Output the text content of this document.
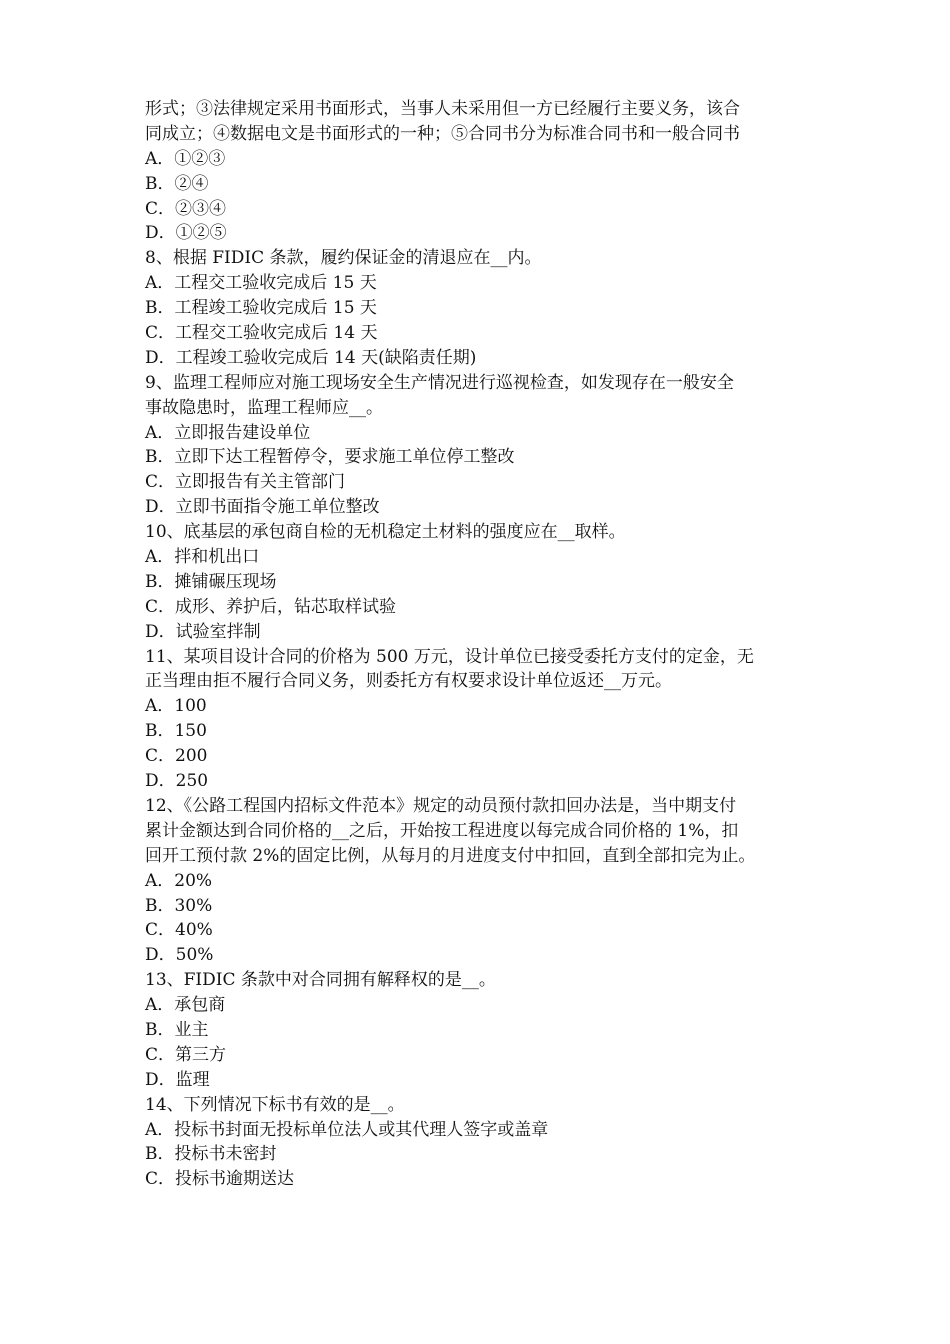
形式；③法律规定采用书面形式，当事人未采用但一方已经履行主要义务，该合
同成立；④数据电文是书面形式的一种；⑤合同书分为标准合同书和一般合同书
A．①②③
B．②④
C．②③④
D．①②⑤
8、根据 FIDIC 条款，履约保证金的清退应在__内。
A．工程交工验收完成后 15 天
B．工程竣工验收完成后 15 天
C．工程交工验收完成后 14 天
D．工程竣工验收完成后 14 天(缺陷责任期)
9、监理工程师应对施工现场安全生产情况进行巡视检查，如发现存在一般安全
事故隐患时，监理工程师应__。
A．立即报告建设单位
B．立即下达工程暂停令，要求施工单位停工整改
C．立即报告有关主管部门
D．立即书面指令施工单位整改
10、底基层的承包商自检的无机稳定土材料的强度应在__取样。
A．拌和机出口
B．摊铺碾压现场
C．成形、养护后，钻芯取样试验
D．试验室拌制
11、某项目设计合同的价格为 500 万元，设计单位已接受委托方支付的定金，无
正当理由拒不履行合同义务，则委托方有权要求设计单位返还__万元。
A．100
B．150
C．200
D．250
12、《公路工程国内招标文件范本》规定的动员预付款扣回办法是，当中期支付
累计金额达到合同价格的__之后，开始按工程进度以每完成合同价格的 1%，扣
回开工预付款 2%的固定比例，从每月的月进度支付中扣回，直到全部扣完为止。
A．20%
B．30%
C．40%
D．50%
13、FIDIC 条款中对合同拥有解释权的是__。
A．承包商
B．业主
C．第三方
D．监理
14、下列情况下标书有效的是__。
A．投标书封面无投标单位法人或其代理人签字或盖章
B．投标书未密封
C．投标书逾期送达
